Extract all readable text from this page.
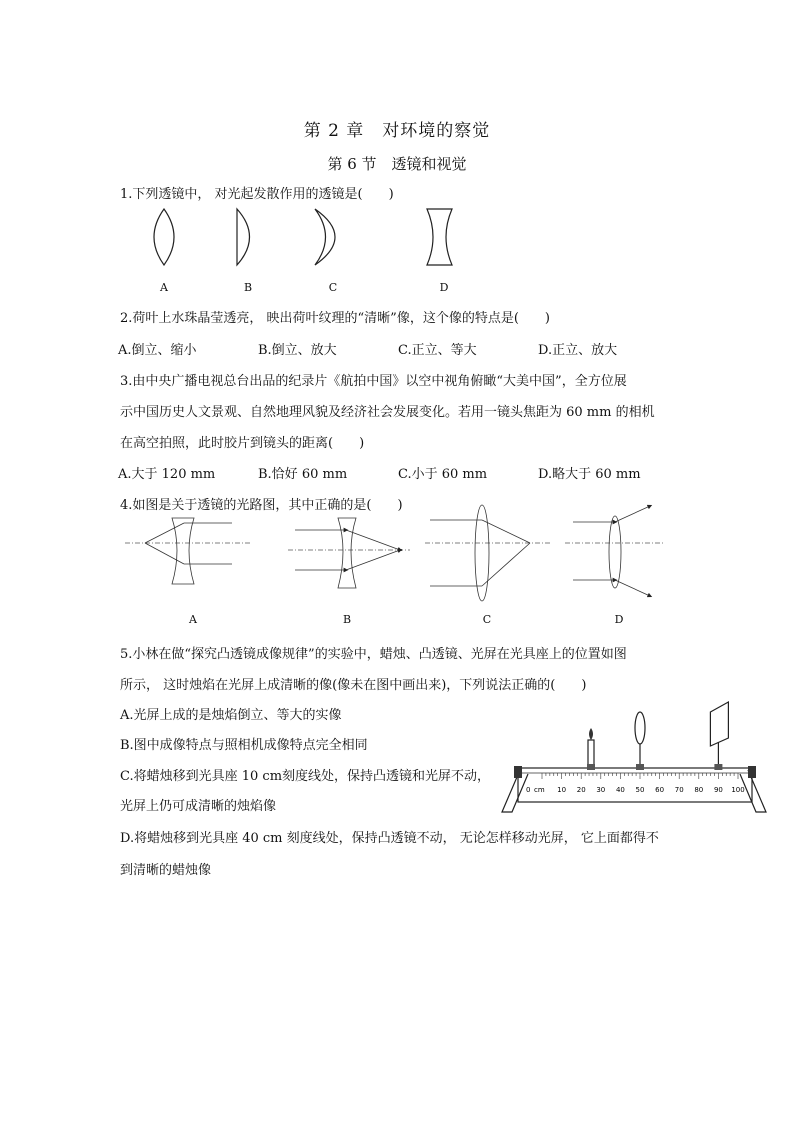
第 2 章　对环境的察觉
第 6 节　透镜和视觉
1.下列透镜中， 对光起发散作用的透镜是(　　)
A	B	C	D
2.荷叶上水珠晶莹透亮， 映出荷叶纹理的“清晰”像，这个像的特点是(　　)
A.倒立、缩小	B.倒立、放大	C.正立、等大	D.正立、放大
3.由中央广播电视总台出品的纪录片《航拍中国》以空中视角俯瞰“大美中国”，全方位展
示中国历史人文景观、自然地理风貌及经济社会发展变化。若用一镜头焦距为 60 mm 的相机
在高空拍照，此时胶片到镜头的距离(　　)
A.大于 120 mm	B.恰好 60 mm	C.小于 60 mm	D.略大于 60 mm
4.如图是关于透镜的光路图，其中正确的是(　　)
A	B	C	D
5.小林在做“探究凸透镜成像规律”的实验中，蜡烛、凸透镜、光屏在光具座上的位置如图
所示， 这时烛焰在光屏上成清晰的像(像未在图中画出来)，下列说法正确的(　　)
A.光屏上成的是烛焰倒立、等大的实像
B.图中成像特点与照相机成像特点完全相同
C.将蜡烛移到光具座 10 cm刻度线处，保持凸透镜和光屏不动，
光屏上仍可成清晰的烛焰像
D.将蜡烛移到光具座 40 cm 刻度线处，保持凸透镜不动， 无论怎样移动光屏， 它上面都得不
到清晰的蜡烛像
0	10 20 30 40 50 60 70 80 90 100
cm
